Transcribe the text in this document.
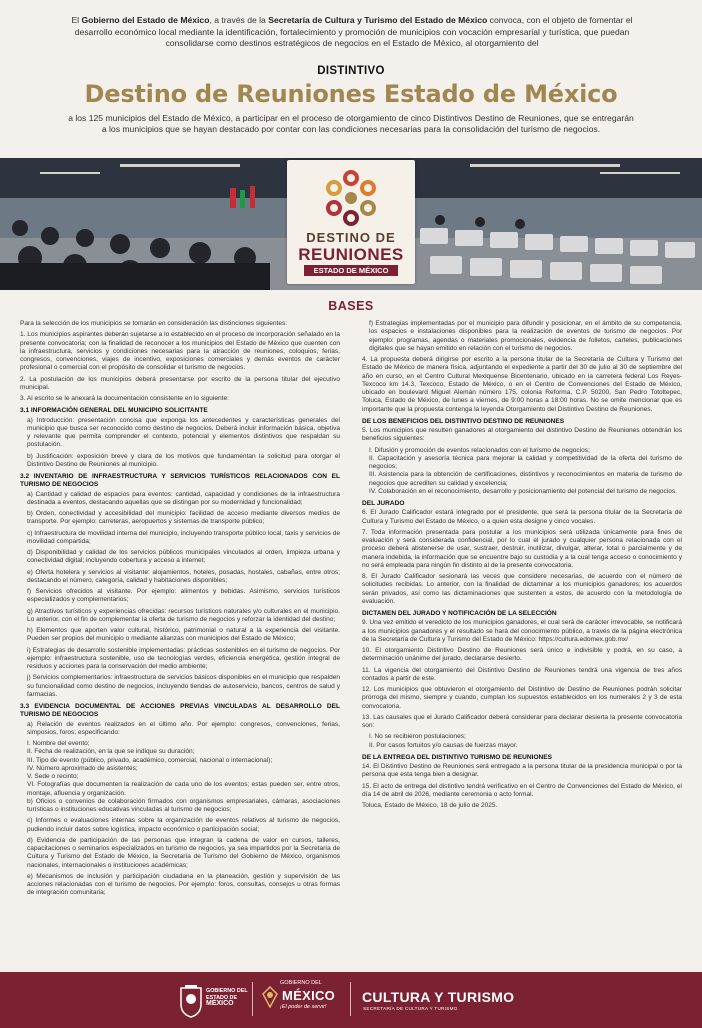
El Gobierno del Estado de México, a través de la Secretaría de Cultura y Turismo del Estado de México convoca, con el objeto de fomentar el desarrollo económico local mediante la identificación, fortalecimiento y promoción de municipios con vocación empresarial y turística, que puedan consolidarse como destinos estratégicos de negocios en el Estado de México, al otorgamiento del
DISTINTIVO
Destino de Reuniones Estado de México
a los 125 municipios del Estado de México, a participar en el proceso de otorgamiento de cinco Distintivos Destino de Reuniones, que se entregarán a los municipios que se hayan destacado por contar con las condiciones necesarias para la consolidación del turismo de negocios.
DESTINO DE
REUNIONES
ESTADO DE MÉXICO
BASES

Para la selección de los municipios se tomarán en consideración las distinciones siguientes:

1. Los municipios aspirantes deberán sujetarse a lo establecido en el proceso de incorporación señalado en la presente convocatoria; con la finalidad de reconocer a los municipios del Estado de México que cuenten con la infraestructura, servicios y condiciones necesarias para la atracción de reuniones, coloquios, ferias, congresos, convenciones, viajes de incentivo, exposiciones comerciales y demás eventos de carácter profesional o comercial con el propósito de consolidar el turismo de negocios.

2. La postulación de los municipios deberá presentarse por escrito de la persona titular del ejecutivo municipal.

3. Al escrito se le anexará la documentación consistente en lo siguiente:

3.1 INFORMACIÓN GENERAL DEL MUNICIPIO SOLICITANTE

a) Introducción: presentación concisa que exponga los antecedentes y características generales del municipio que busca ser reconocido como destino de negocios. Deberá incluir información básica, objetiva y relevante que permita comprender el contexto, potencial y elementos distintivos que respaldan su postulación.

b) Justificación: exposición breve y clara de los motivos que fundamentan la solicitud para otorgar el Distintivo Destino de Reuniones al municipio.

3.2 INVENTARIO DE INFRAESTRUCTURA Y SERVICIOS TURÍSTICOS RELACIONADOS CON EL TURISMO DE NEGOCIOS

a) Cantidad y calidad de espacios para eventos: cantidad, capacidad y condiciones de la infraestructura destinada a eventos, destacando aquellas que se distingan por su modernidad y funcionalidad;

b) Orden, conectividad y accesibilidad del municipio: facilidad de acceso mediante diversos medios de transporte. Por ejemplo: carreteras, aeropuertos y sistemas de transporte público;

c) Infraestructura de movilidad interna del municipio, incluyendo transporte público local, taxis y servicios de movilidad compartida;

d) Disponibilidad y calidad de los servicios públicos municipales vinculados al orden, limpieza urbana y conectividad digital; incluyendo cobertura y acceso a internet;

e) Oferta hotelera y servicios al visitante: alojamientos, hoteles, posadas, hostales, cabañas, entre otros; destacando el número, categoría, calidad y habitaciones disponibles;

f) Servicios ofrecidos al visitante. Por ejemplo: alimentos y bebidas. Asimismo, servicios turísticos especializados y complementarios;

g) Atractivos turísticos y experiencias ofrecidas: recursos turísticos naturales y/o culturales en el municipio. Lo anterior, con el fin de complementar la oferta de turismo de negocios y reforzar la identidad del destino;

h) Elementos que aporten valor cultural, histórico, patrimonial o natural a la experiencia del visitante. Pueden ser propios del municipio o mediante alianzas con municipios del Estado de México;

i) Estrategias de desarrollo sostenible implementadas: prácticas sostenibles en el turismo de negocios. Por ejemplo: infraestructura sostenible, uso de tecnologías verdes, eficiencia energética, gestión integral de residuos y acciones para la conservación del medio ambiente;

j) Servicios complementarios: infraestructura de servicios básicos disponibles en el municipio que respalden su funcionalidad como destino de negocios, incluyendo tiendas de autoservicio, bancos, centros de salud y farmacias.

3.3 EVIDENCIA DOCUMENTAL DE ACCIONES PREVIAS VINCULADAS AL DESARROLLO DEL TURISMO DE NEGOCIOS

a) Relación de eventos realizados en el último año. Por ejemplo: congresos, convenciones, ferias, simposios, foros; especificando:

I. Nombre del evento;

II. Fecha de realización, en la que se indique su duración;

III. Tipo de evento (público, privado, académico, comercial, nacional o internacional);

IV. Número aproximado de asistentes;

V. Sede o recinto;

VI. Fotografías que documenten la realización de cada uno de los eventos; estas pueden ser, entre otros, montaje, afluencia y organización.

b) Oficios o convenios de colaboración firmados con organismos empresariales, cámaras, asociaciones turísticas o instituciones educativas vinculadas al turismo de negocios;

c) Informes o evaluaciones internas sobre la organización de eventos relativos al turismo de negocios, pudiendo incluir datos sobre logística, impacto económico o participación social;

d) Evidencia de participación de las personas que integran la cadena de valor en cursos, talleres, capacitaciones o seminarios especializados en turismo de negocios, ya sea impartidos por la Secretaría de Cultura y Turismo del Estado de México, la Secretaría de Turismo del Gobierno de México, organismos nacionales, internacionales o instituciones académicas;

e) Mecanismos de inclusión y participación ciudadana en la planeación, gestión y supervisión de las acciones relacionadas con el turismo de negocios. Por ejemplo: foros, consultas, consejos u otras formas de integración comunitaria;

f) Estrategias implementadas por el municipio para difundir y posicionar, en el ámbito de su competencia, los espacios e instalaciones disponibles para la realización de eventos de turismo de negocios. Por ejemplo: programas, agendas o materiales promocionales, evidencia de folletos, carteles, publicaciones digitales que se hayan emitido en relación con el turismo de negocios.

4. La propuesta deberá dirigirse por escrito a la persona titular de la Secretaría de Cultura y Turismo del Estado de México de manera física, adjuntando el expediente a partir del 30 de julio al 30 de septiembre del año en curso, en el Centro Cultural Mexiquense Bicentenario, ubicado en la carretera federal Los Reyes-Texcoco km 14.3, Texcoco, Estado de México, o en el Centro de Convenciones del Estado de México, ubicado en boulevard Miguel Alemán número 175, colonia Reforma, C.P. 50200, San Pedro Totoltepec, Toluca, Estado de México, de lunes a viernes, de 9:00 horas a 18:00 horas. No se omite mencionar que es importante que la propuesta contenga la leyenda Otorgamiento del Distintivo Destino de Reuniones.

DE LOS BENEFICIOS DEL DISTINTIVO DESTINO DE REUNIONES

5. Los municipios que resulten ganadores al otorgamiento del distintivo Destino de Reuniones obtendrán los beneficios siguientes:

I. Difusión y promoción de eventos relacionados con el turismo de negocios;

II. Capacitación y asesoría técnica para mejorar la calidad y competitividad de la oferta del turismo de negocios;

III. Asistencia para la obtención de certificaciones, distintivos y reconocimientos en materia de turismo de negocios que acrediten su calidad y excelencia;

IV. Colaboración en el reconocimiento, desarrollo y posicionamiento del potencial del turismo de negocios.

DEL JURADO

6. El Jurado Calificador estará integrado por el presidente, que será la persona titular de la Secretaría de Cultura y Turismo del Estado de México, o a quien esta designe y cinco vocales.

7. Toda información presentada para postular a los municipios será utilizada únicamente para fines de evaluación y será considerada confidencial, por lo cual el jurado y cualquier persona relacionada con el proceso deberá abstenerse de usar, sustraer, destruir, inutilizar, divulgar, alterar, total o parcialmente y de manera indebida, la información que se encuentre bajo su custodia y a la cual tenga acceso o conocimiento y no será empleada para ningún fin distinto al de la presente convocatoria.

8. El Jurado Calificador sesionará las veces que considere necesarias, de acuerdo con el número de solicitudes recibidas. Lo anterior, con la finalidad de dictaminar a los municipios ganadores; los acuerdos serán privados, así como las dictaminaciones que sustenten a estos, de acuerdo con la metodología de evaluación.

DICTAMEN DEL JURADO Y NOTIFICACIÓN DE LA SELECCIÓN

9. Una vez emitido el veredicto de los municipios ganadores, el cual será de carácter irrevocable, se notificará a los municipios ganadores y el resultado se hará del conocimiento público, a través de la página electrónica de la Secretaría de Cultura y Turismo del Estado de México: https://cultura.edomex.gob.mx/

10. El otorgamiento Distintivo Destino de Reuniones será único e indivisible y podrá, en su caso, a determinación unánime del jurado, declararse desierto.

11. La vigencia del otorgamiento del Distintivo Destino de Reuniones tendrá una vigencia de tres años contados a partir de este.

12. Los municipios que obtuvieron el otorgamiento del Distintivo de Destino de Reuniones podrán solicitar prórroga del mismo, siempre y cuando, cumplan los supuestos establecidos en los numerales 2 y 3 de esta convocatoria.

13. Las causales que el Jurado Calificador deberá considerar para declarar desierta la presente convocatoria son:

I. No se recibieron postulaciones;

II. Por casos fortuitos y/o causas de fuerzas mayor.

DE LA ENTREGA DEL DISTINTIVO TURISMO DE REUNIONES

14. El Distintivo Destino de Reuniones será entregado a la persona titular de la presidencia municipal o por la persona que esta tenga bien a designar.

15. El acto de entrega del distintivo tendrá verificativo en el Centro de Convenciones del Estado de México, el día 14 de abril de 2026, mediante ceremonia o acto formal.

Toluca, Estado de México, 18 de julio de 2025.

GOBIERNO DEL
ESTADO DE
MÉXICO
GOBIERNO DEL
MÉXICO
¡El poder de servir!
CULTURA Y TURISMO
SECRETARÍA DE CULTURA Y TURISMO
